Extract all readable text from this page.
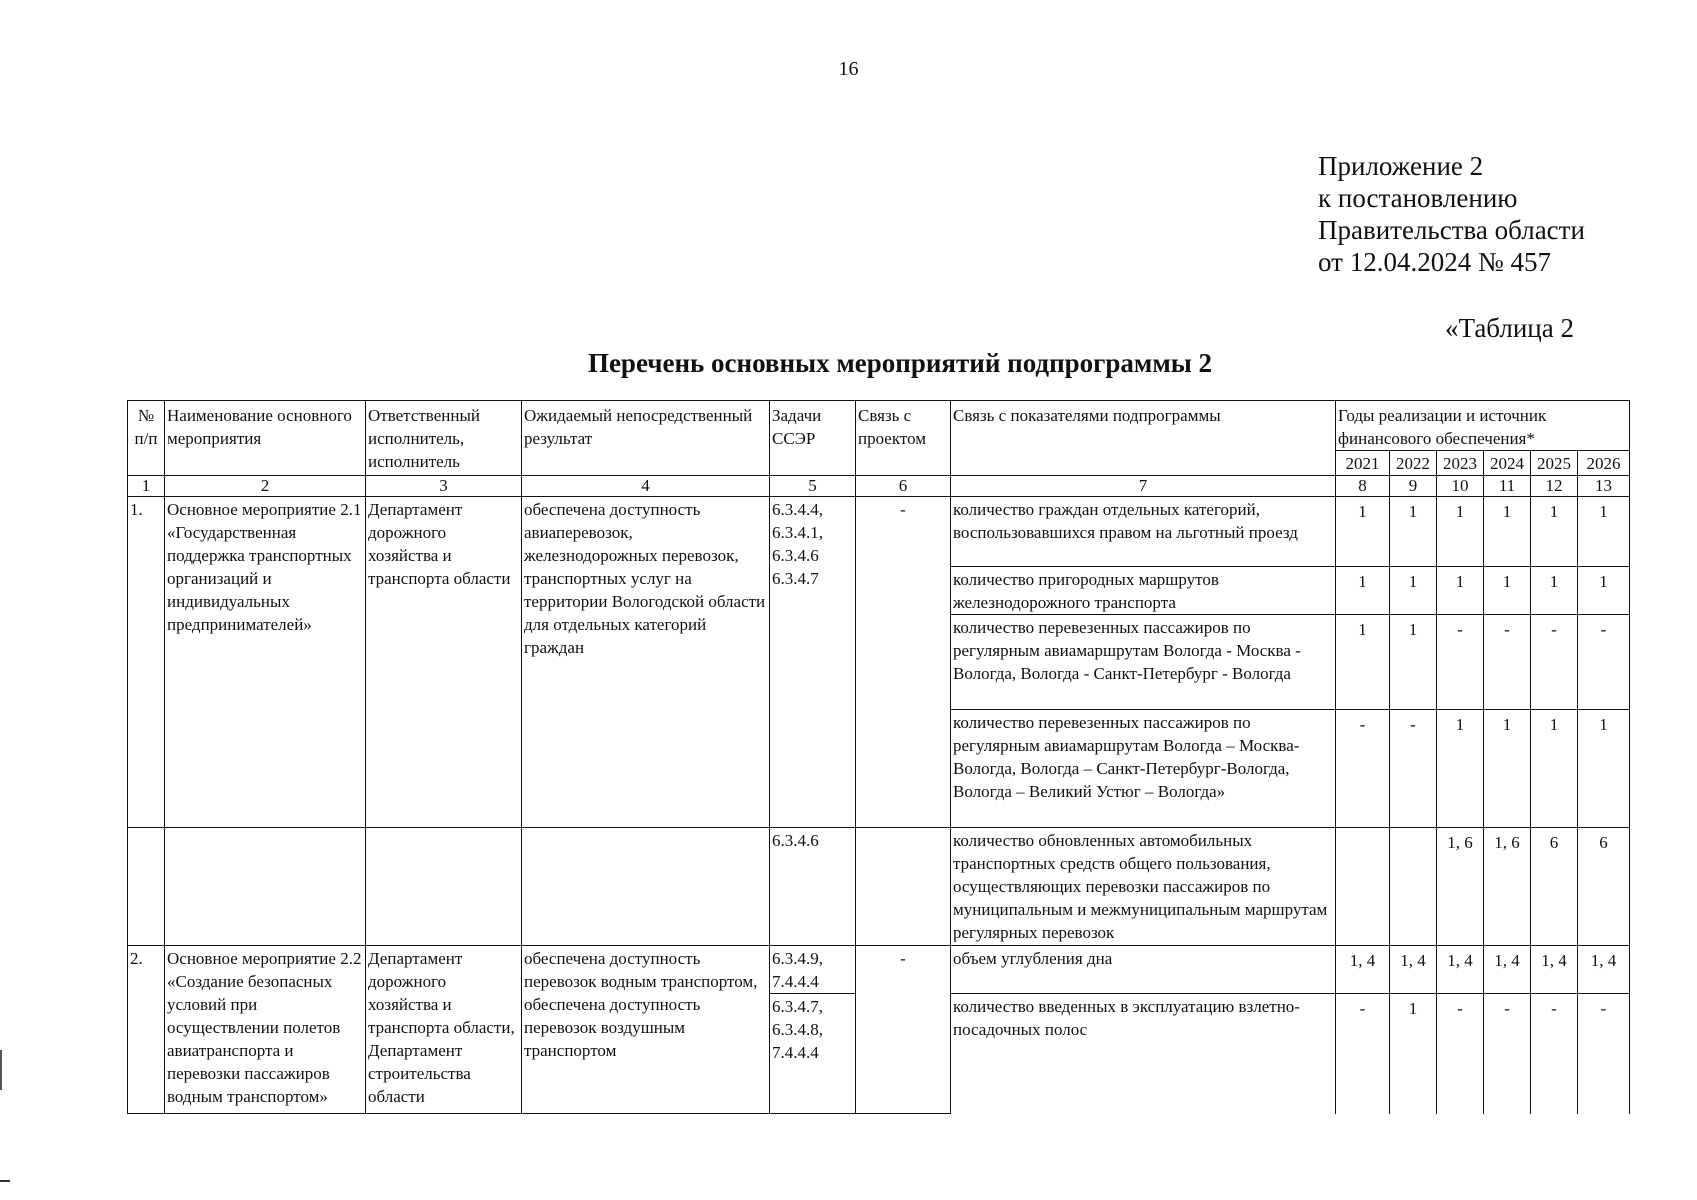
16
Приложение 2
к постановлению
Правительства области
от 12.04.2024 № 457
«Таблица 2
Перечень основных мероприятий подпрограммы 2
№ п/п	Наименование основного мероприятия	Ответственный исполнитель, исполнитель	Ожидаемый непосредственный результат	Задачи ССЭР	Связь с проектом	Связь с показателями подпрограммы	Годы реализации и источник финансового обеспечения*					
							2021	2022	2023	2024	2025	2026
1	2	3	4	5	6	7	8	9	10	11	12	13
1.	Основное мероприятие 2.1 «Государственная поддержка транспортных организаций и индивидуальных предпринимателей»	Департамент дорожного хозяйства и транспорта области	обеспечена доступность авиаперевозок, железнодорожных перевозок, транспортных услуг на территории Вологодской области для отдельных категорий граждан	6.3.4.4, 6.3.4.1, 6.3.4.6 6.3.4.7	-	количество граждан отдельных категорий, воспользовавшихся правом на льготный проезд	1	1	1	1	1	1
						количество пригородных маршрутов железнодорожного транспорта	1	1	1	1	1	1
						количество перевезенных пассажиров по регулярным авиамаршрутам Вологда - Москва - Вологда, Вологда - Санкт-Петербург - Вологда	1	1	-	-	-	-
						количество перевезенных пассажиров по регулярным авиамаршрутам Вологда – Москва-Вологда, Вологда – Санкт-Петербург-Вологда, Вологда – Великий Устюг – Вологда»	-	-	1	1	1	1
				6.3.4.6		количество обновленных автомобильных транспортных средств общего пользования, осуществляющих перевозки пассажиров по муниципальным и межмуниципальным маршрутам регулярных перевозок			1, 6	1, 6	6	6
2.	Основное мероприятие 2.2 «Создание безопасных условий при осуществлении полетов авиатранспорта и перевозки пассажиров водным транспортом»	Департамент дорожного хозяйства и транспорта области, Департамент строительства области	обеспечена доступность перевозок водным транспортом, обеспечена доступность перевозок воздушным транспортом	6.3.4.9, 7.4.4.4	-	объем углубления дна	1, 4	1, 4	1, 4	1, 4	1, 4	1, 4
				6.3.4.7, 6.3.4.8, 7.4.4.4		количество введенных в эксплуатацию взлетно-посадочных полос	-	1	-	-	-	-
